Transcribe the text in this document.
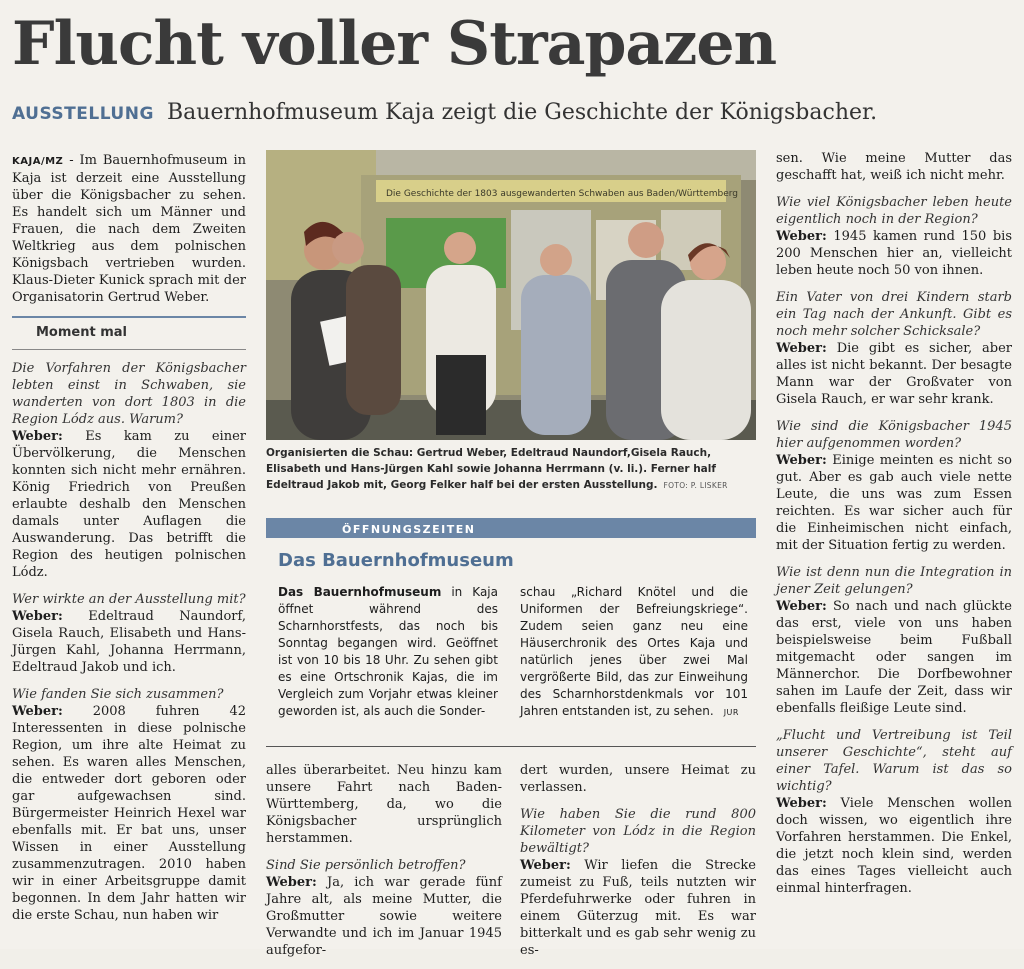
Flucht voller Strapazen
AUSSTELLUNG Bauernhofmuseum Kaja zeigt die Geschichte der Königsbacher.

KAJA/MZ - Im Bauernhofmuseum in Kaja ist derzeit eine Ausstellung über die Königsbacher zu sehen. Es handelt sich um Männer und Frauen, die nach dem Zweiten Weltkrieg aus dem polnischen Königsbach vertrieben wurden. Klaus-Dieter Kunick sprach mit der Organisatorin Gertrud Weber.

Moment mal

Die Vorfahren der Königsbacher lebten einst in Schwaben, sie wanderten von dort 1803 in die Region Lódz aus. Warum?

Weber: Es kam zu einer Übervölkerung, die Menschen konnten sich nicht mehr ernähren. König Friedrich von Preußen erlaubte deshalb den Menschen damals unter Auflagen die Auswanderung. Das betrifft die Region des heutigen polnischen Lódz.

Wer wirkte an der Ausstellung mit?

Weber: Edeltraud Naundorf, Gisela Rauch, Elisabeth und Hans-Jürgen Kahl, Johanna Herrmann, Edeltraud Jakob und ich.

Wie fanden Sie sich zusammen?

Weber: 2008 fuhren 42 Interessenten in diese polnische Region, um ihre alte Heimat zu sehen. Es waren alles Menschen, die entweder dort geboren oder gar aufgewachsen sind. Bürgermeister Heinrich Hexel war ebenfalls mit. Er bat uns, unser Wissen in einer Ausstellung zusammenzutragen. 2010 haben wir in einer Arbeitsgruppe damit begonnen. In dem Jahr hatten wir die erste Schau, nun haben wir

Die Geschichte der 1803 ausgewanderten Schwaben aus Baden/Württemberg
Organisierten die Schau: Gertrud Weber, Edeltraud Naundorf,Gisela Rauch, Elisabeth und Hans-Jürgen Kahl sowie Johanna Herrmann (v. li.). Ferner half Edeltraud Jakob mit, Georg Felker half bei der ersten Ausstellung. FOTO: P. LISKER
ÖFFNUNGSZEITEN
Das Bauernhofmuseum
Das Bauernhofmuseum in Kaja öffnet während des Scharnhorstfests, das noch bis Sonntag begangen wird. Geöffnet ist von 10 bis 18 Uhr. Zu sehen gibt es eine Ortschronik Kajas, die im Vergleich zum Vorjahr etwas kleiner geworden ist, als auch die Sonder-
schau „Richard Knötel und die Uniformen der Befreiungskriege“. Zudem seien ganz neu eine Häuserchronik des Ortes Kaja und natürlich jenes über zwei Mal vergrößerte Bild, das zur Einweihung des Scharnhorstdenkmals vor 101 Jahren entstanden ist, zu sehen. JUR

alles überarbeitet. Neu hinzu kam unsere Fahrt nach Baden-Württemberg, da, wo die Königsbacher ursprünglich herstammen.

Sind Sie persönlich betroffen?

Weber: Ja, ich war gerade fünf Jahre alt, als meine Mutter, die Großmutter sowie weitere Verwandte und ich im Januar 1945 aufgefor-

dert wurden, unsere Heimat zu verlassen.

Wie haben Sie die rund 800 Kilometer von Lódz in die Region bewältigt?

Weber: Wir liefen die Strecke zumeist zu Fuß, teils nutzten wir Pferdefuhrwerke oder fuhren in einem Güterzug mit. Es war bitterkalt und es gab sehr wenig zu es-

sen. Wie meine Mutter das geschafft hat, weiß ich nicht mehr.

Wie viel Königsbacher leben heute eigentlich noch in der Region?

Weber: 1945 kamen rund 150 bis 200 Menschen hier an, vielleicht leben heute noch 50 von ihnen.

Ein Vater von drei Kindern starb ein Tag nach der Ankunft. Gibt es noch mehr solcher Schicksale?

Weber: Die gibt es sicher, aber alles ist nicht bekannt. Der besagte Mann war der Großvater von Gisela Rauch, er war sehr krank.

Wie sind die Königsbacher 1945 hier aufgenommen worden?

Weber: Einige meinten es nicht so gut. Aber es gab auch viele nette Leute, die uns was zum Essen reichten. Es war sicher auch für die Einheimischen nicht einfach, mit der Situation fertig zu werden.

Wie ist denn nun die Integration in jener Zeit gelungen?

Weber: So nach und nach glückte das erst, viele von uns haben beispielsweise beim Fußball mitgemacht oder sangen im Männerchor. Die Dorfbewohner sahen im Laufe der Zeit, dass wir ebenfalls fleißige Leute sind.

„Flucht und Vertreibung ist Teil unserer Geschichte“, steht auf einer Tafel. Warum ist das so wichtig?

Weber: Viele Menschen wollen doch wissen, wo eigentlich ihre Vorfahren herstammen. Die Enkel, die jetzt noch klein sind, werden das eines Tages vielleicht auch einmal hinterfragen.
